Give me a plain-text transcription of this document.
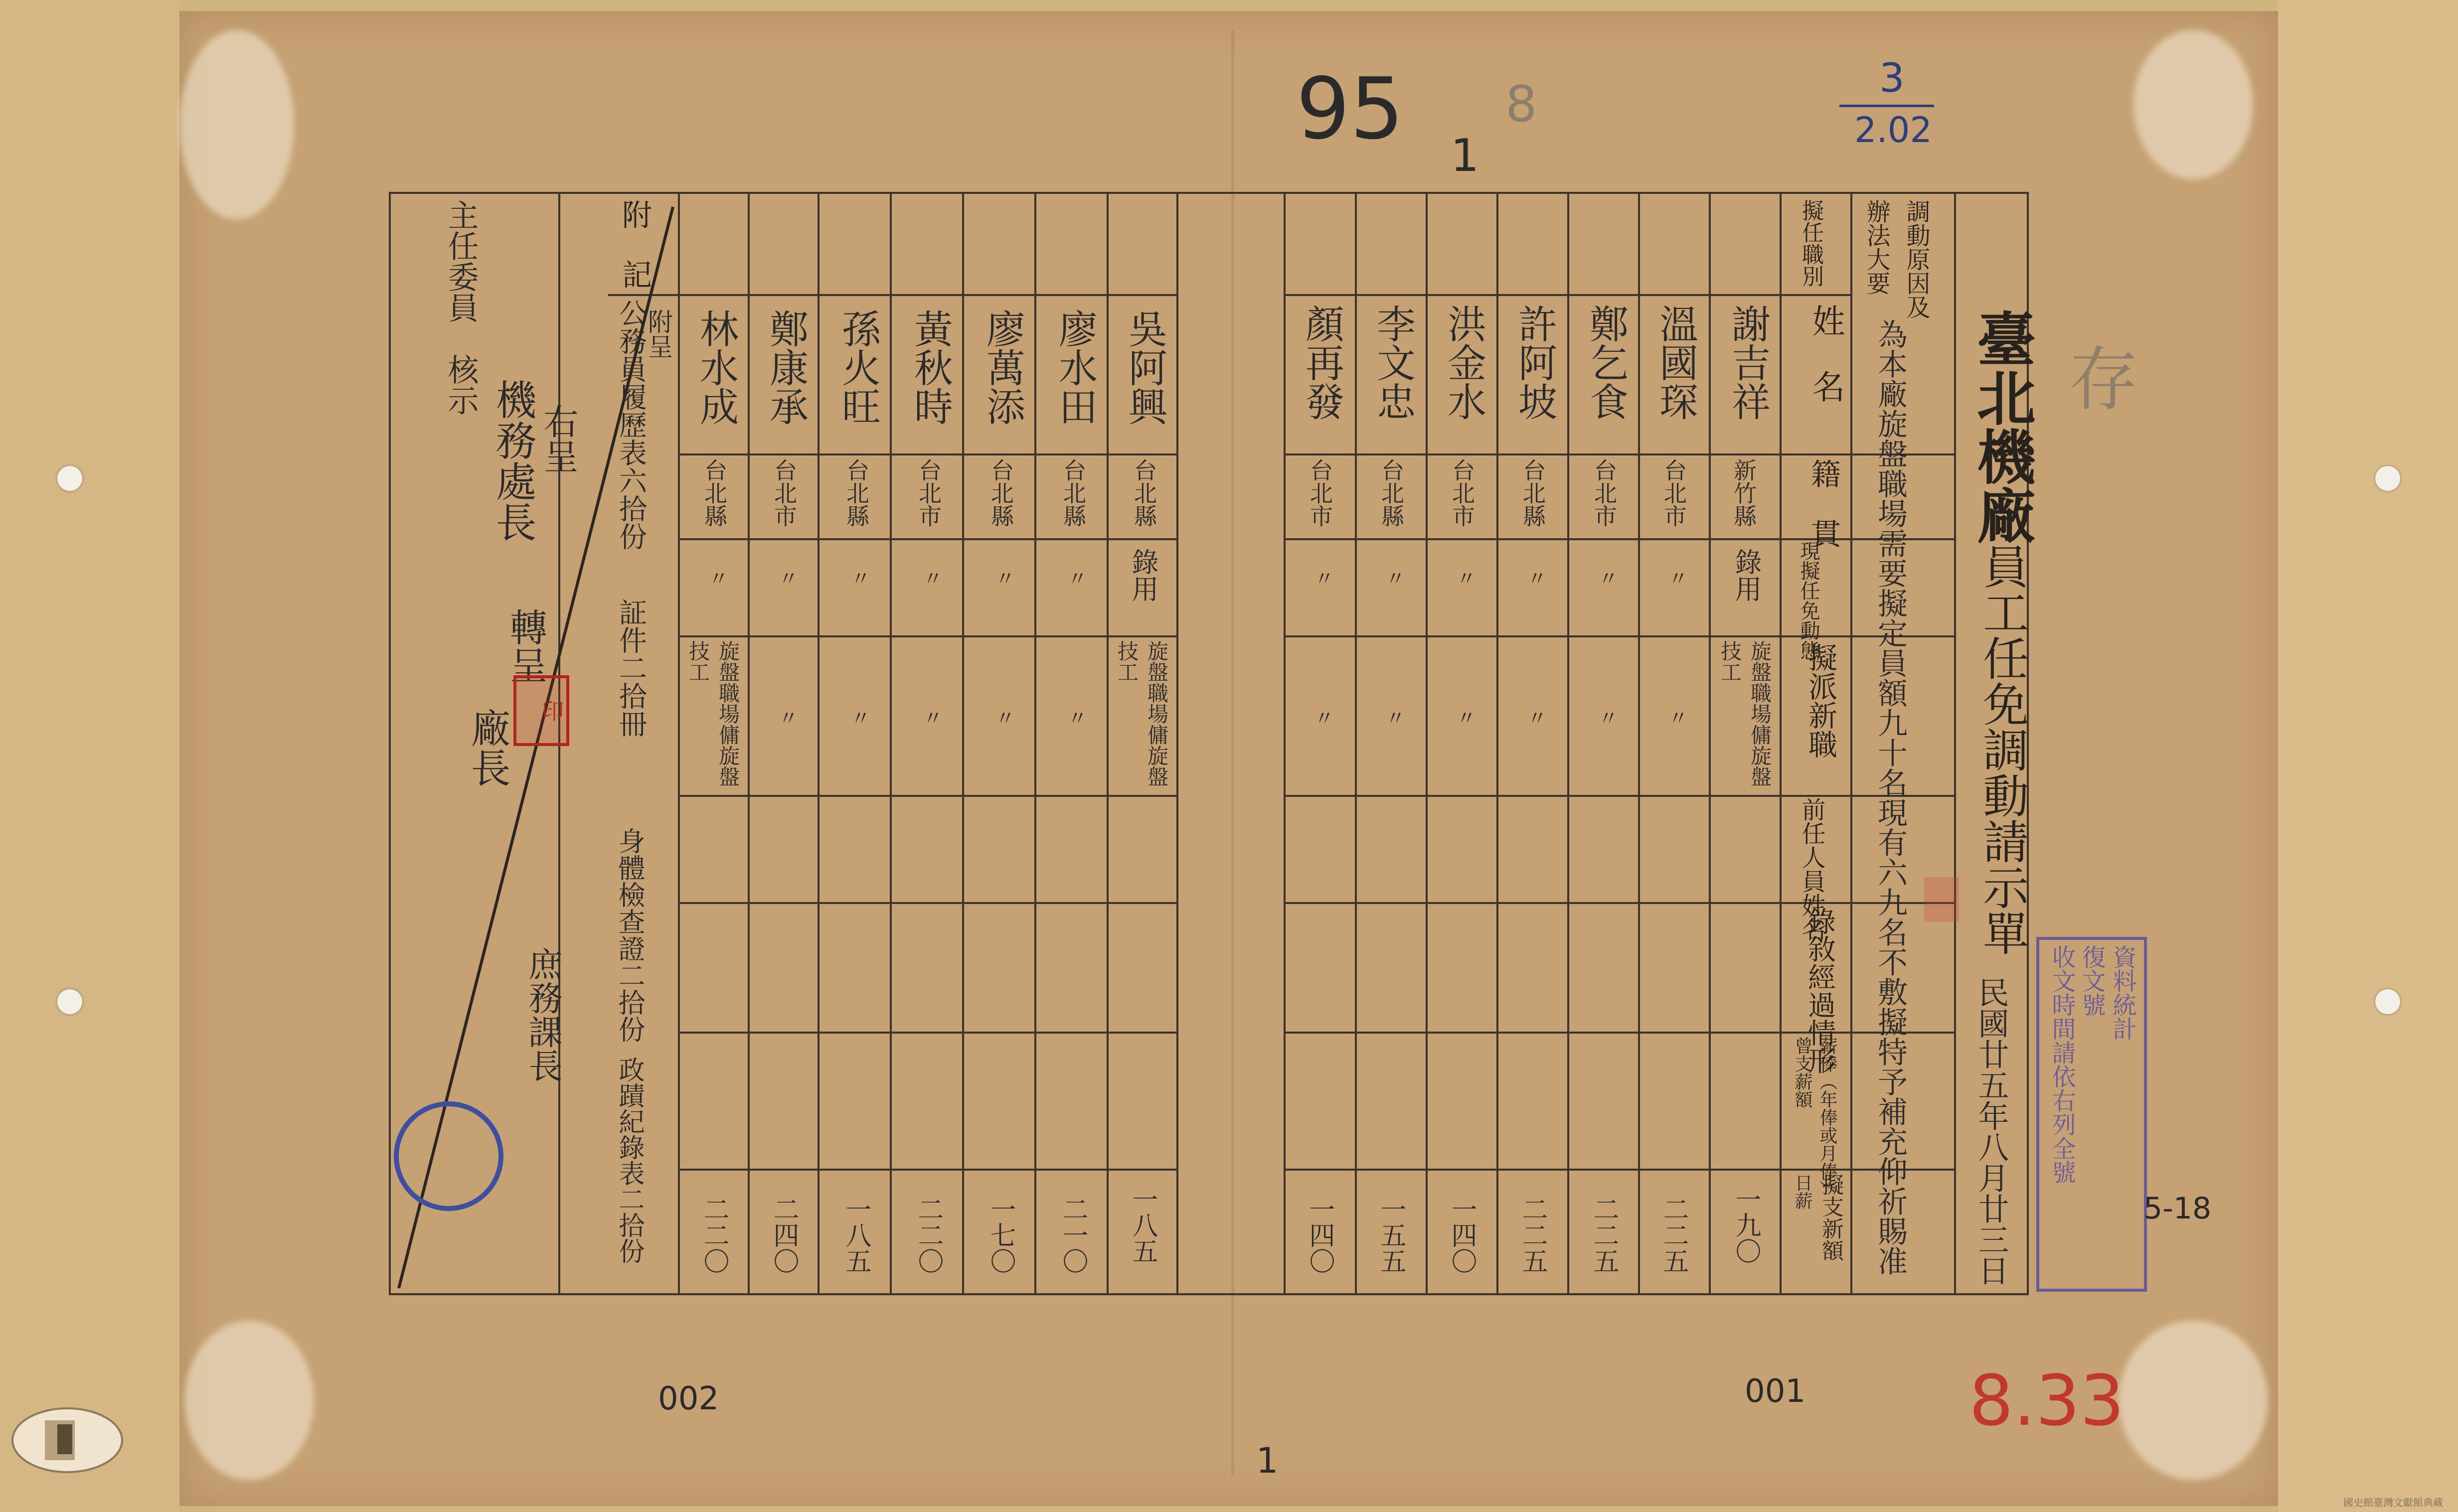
95 8
1
3
2.02
存
臺北機廠
員工任免調動請示單
民國廿五年八月廿三日
調動原因及
辦法大要
為本廠旋盤職場需要擬定員額九十名現有六九名不敷擬特予補充仰祈賜准
擬任職別
姓　名
籍　貫
現擬任免動態
擬派新職
前任人員姓名
錄敘經過情形
薪俸（年俸或月俸）
曾支薪額
擬支新額
日薪
謝吉祥
新竹縣
錄用
旋盤職場傭旋盤技工
一九〇
溫國琛
台北市
〃
〃
二二五
鄭乞食
台北市
〃
〃
二二五
許阿坡
台北縣
〃
〃
二二五
洪金水
台北市
〃
〃
一四〇
李文忠
台北縣
〃
〃
一五五
顏再發
台北市
〃
〃
一四〇
吳阿興
台北縣
錄用
旋盤職場傭旋盤技工
一八五
廖水田
台北縣
〃
〃
二一〇
廖萬添
台北縣
〃
〃
一七〇
黃秋時
台北市
〃
〃
二二〇
孫火旺
台北縣
〃
〃
一八五
鄭康承
台北市
〃
〃
二四〇
林水成
台北縣
〃
旋盤職場傭旋盤技工
二二〇
附　記
附呈
公務員履歷表六拾份
証件二拾冊
身體檢查證二拾份
政蹟紀錄表二拾份
主任委員　核示
右呈
機務處長
轉呈
廠長
庶務課長
印
資料統計
復文號
收文時間請依右列全號
002	001
1
8.33
5-18
國史館臺灣文獻館典藏
